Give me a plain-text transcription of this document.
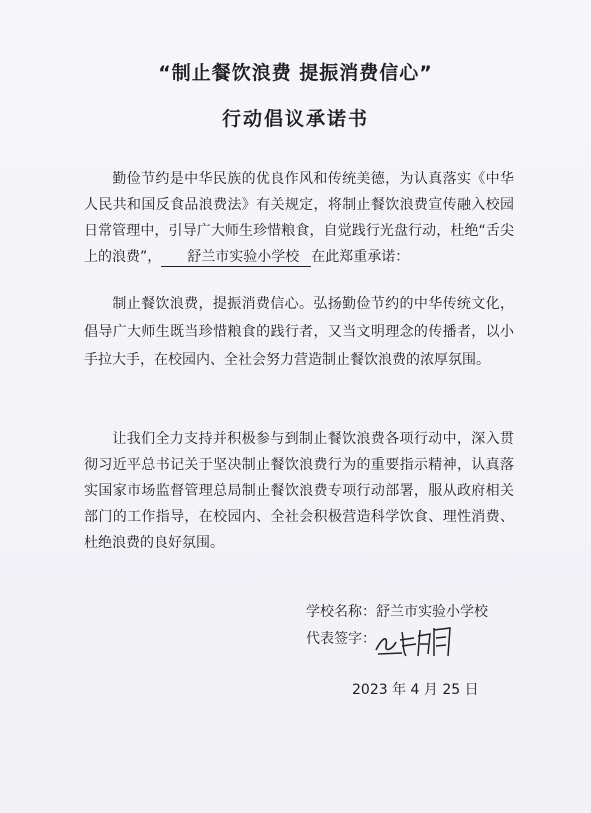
“制止餐饮浪费 提振消费信心”
行动倡议承诺书
勤俭节约是中华民族的优良作风和传统美德，为认真落实《中华人民共和国反食品浪费法》有关规定，将制止餐饮浪费宣传融入校园日常管理中，引导广大师生珍惜粮食，自觉践行光盘行动，杜绝“舌尖上的浪费”， 舒兰市实验小学校 在此郑重承诺：
制止餐饮浪费，提振消费信心。弘扬勤俭节约的中华传统文化，倡导广大师生既当珍惜粮食的践行者，又当文明理念的传播者，以小手拉大手，在校园内、全社会努力营造制止餐饮浪费的浓厚氛围。
让我们全力支持并积极参与到制止餐饮浪费各项行动中，深入贯彻习近平总书记关于坚决制止餐饮浪费行为的重要指示精神，认真落实国家市场监督管理总局制止餐饮浪费专项行动部署，服从政府相关部门的工作指导，在校园内、全社会积极营造科学饮食、理性消费、杜绝浪费的良好氛围。
学校名称：舒兰市实验小学校
代表签字：
2023 年 4 月 25 日
